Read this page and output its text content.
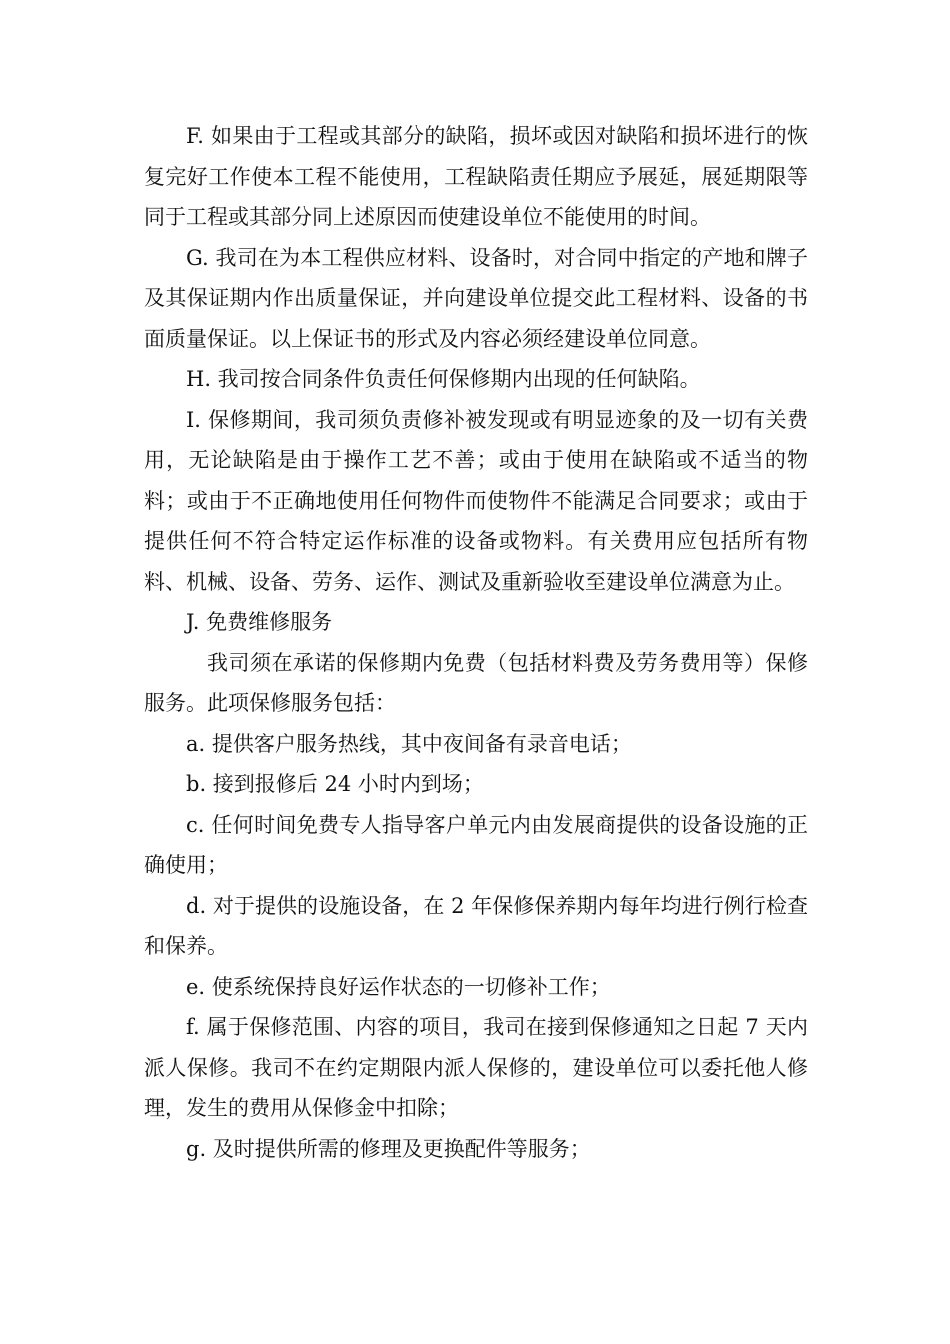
F. 如果由于工程或其部分的缺陷，损坏或因对缺陷和损坏进行的恢复完好工作使本工程不能使用，工程缺陷责任期应予展延，展延期限等同于工程或其部分同上述原因而使建设单位不能使用的时间。

G. 我司在为本工程供应材料、设备时，对合同中指定的产地和牌子及其保证期内作出质量保证，并向建设单位提交此工程材料、设备的书面质量保证。以上保证书的形式及内容必须经建设单位同意。

H. 我司按合同条件负责任何保修期内出现的任何缺陷。

I. 保修期间，我司须负责修补被发现或有明显迹象的及一切有关费用，无论缺陷是由于操作工艺不善；或由于使用在缺陷或不适当的物料；或由于不正确地使用任何物件而使物件不能满足合同要求；或由于提供任何不符合特定运作标准的设备或物料。有关费用应包括所有物料、机械、设备、劳务、运作、测试及重新验收至建设单位满意为止。

J. 免费维修服务

我司须在承诺的保修期内免费（包括材料费及劳务费用等）保修服务。此项保修服务包括：

a. 提供客户服务热线，其中夜间备有录音电话；

b. 接到报修后 24 小时内到场；

c. 任何时间免费专人指导客户单元内由发展商提供的设备设施的正确使用；

d. 对于提供的设施设备，在 2 年保修保养期内每年均进行例行检查和保养。

e. 使系统保持良好运作状态的一切修补工作；

f. 属于保修范围、内容的项目，我司在接到保修通知之日起 7 天内派人保修。我司不在约定期限内派人保修的，建设单位可以委托他人修理，发生的费用从保修金中扣除；

g. 及时提供所需的修理及更换配件等服务；
